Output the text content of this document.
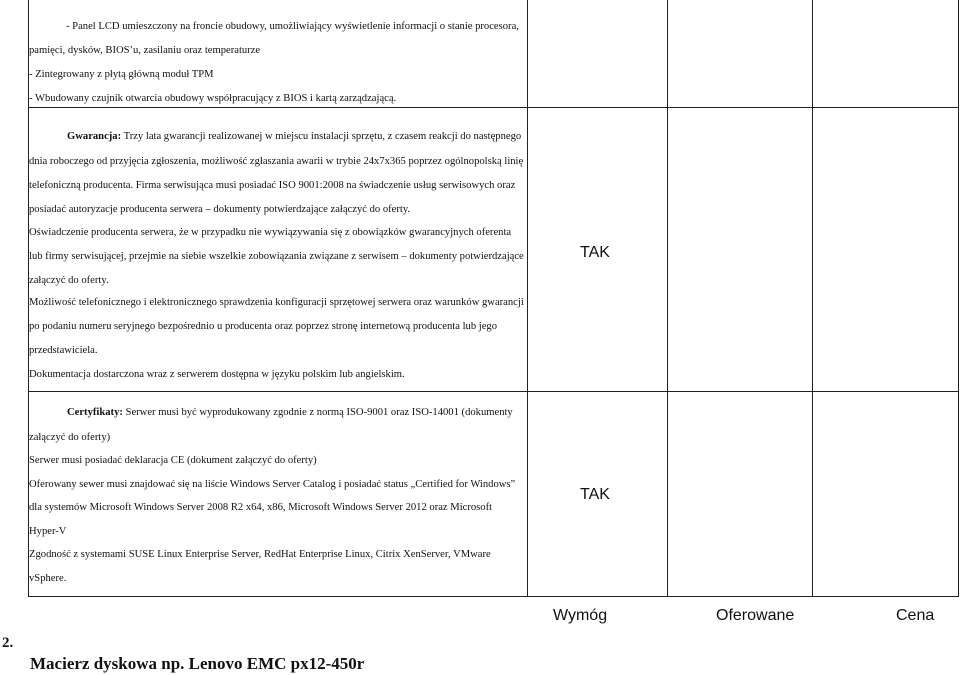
- Panel LCD umieszczony na froncie obudowy, umożliwiający wyświetlenie informacji o stanie procesora,
pamięci, dysków, BIOS’u, zasilaniu oraz temperaturze
- Zintegrowany z płytą główną moduł TPM
- Wbudowany czujnik otwarcia obudowy współpracujący z BIOS i kartą zarządzającą.
Gwarancja: Trzy lata gwarancji realizowanej w miejscu instalacji sprzętu, z czasem reakcji do następnego
dnia roboczego od przyjęcia zgłoszenia, możliwość zgłaszania awarii w trybie 24x7x365 poprzez ogólnopolską linię
telefoniczną producenta. Firma serwisująca musi posiadać ISO 9001:2008 na świadczenie usług serwisowych oraz
posiadać autoryzacje producenta serwera – dokumenty potwierdzające załączyć do oferty.
Oświadczenie producenta serwera, że w przypadku nie wywiązywania się z obowiązków gwarancyjnych oferenta
lub firmy serwisującej, przejmie na siebie wszelkie zobowiązania związane z serwisem – dokumenty potwierdzające
załączyć do oferty.
Możliwość telefonicznego i elektronicznego sprawdzenia konfiguracji sprzętowej serwera oraz warunków gwarancji
po podaniu numeru seryjnego bezpośrednio u producenta oraz poprzez stronę internetową producenta lub jego
przedstawiciela.
Dokumentacja dostarczona wraz z serwerem dostępna w języku polskim lub angielskim.
TAK
Certyfikaty: Serwer musi być wyprodukowany zgodnie z normą ISO-9001 oraz ISO-14001 (dokumenty
załączyć do oferty)
Serwer musi posiadać deklaracja CE (dokument załączyć do oferty)
Oferowany sewer musi znajdować się na liście Windows Server Catalog i posiadać status „Certified for Windows”
dla systemów Microsoft Windows Server 2008 R2 x64, x86, Microsoft Windows Server 2012 oraz Microsoft
Hyper-V
Zgodność z systemami SUSE Linux Enterprise Server, RedHat Enterprise Linux, Citrix XenServer, VMware
vSphere.
TAK
Wymóg	Oferowane	Cena
2.
Macierz dyskowa np. Lenovo EMC px12-450r
